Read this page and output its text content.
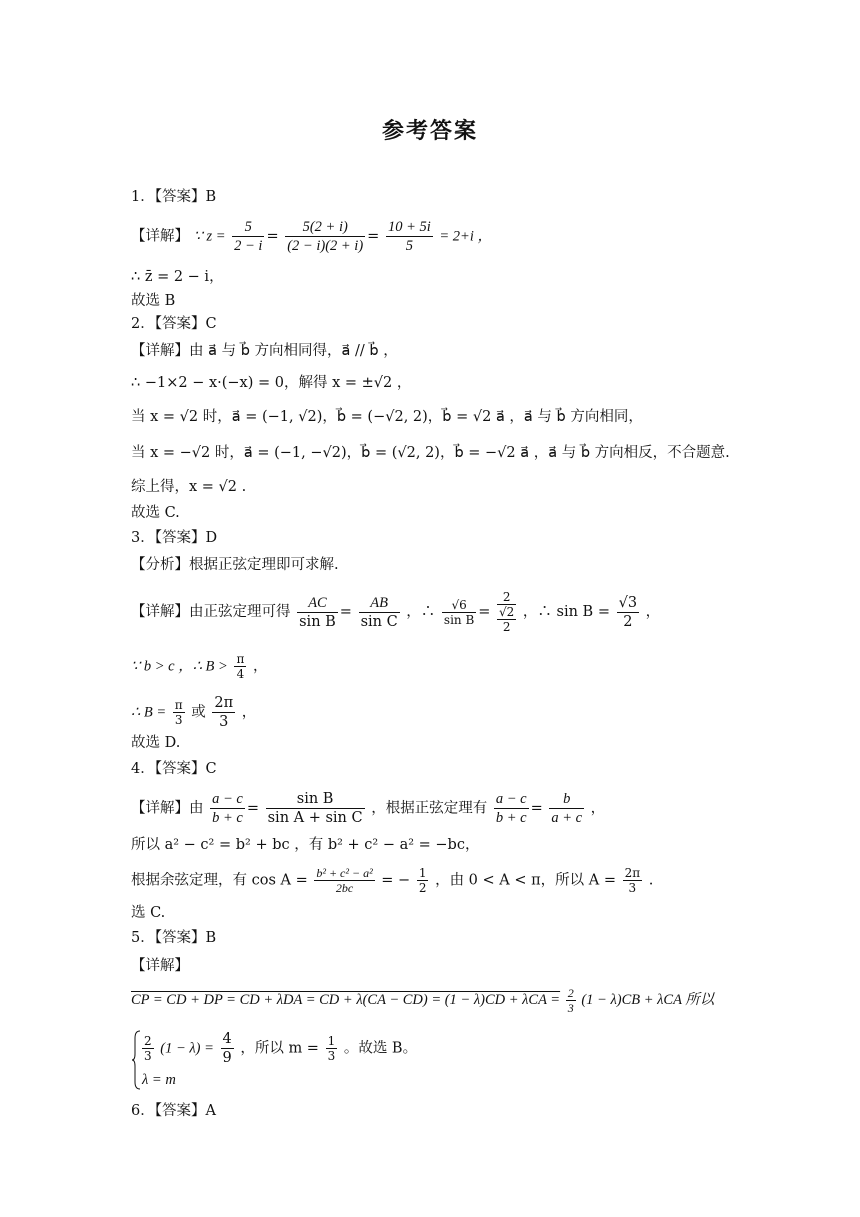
参考答案
1．【答案】B
【详解】 ∵ $z = \frac{5}{2 - i} = \frac{5(2 + i)}{(2 - i)(2 + i)} = \frac{10 + 5i}{5} = 2+i$ ，
∴ z̄ = 2 − i，
故选 B
2．【答案】C
【详解】由 a⃗ 与 b⃗ 方向相同得，a⃗ // b⃗ ，
∴ −1×2 − x·(−x) = 0，解得 x = ±√2 ，
当 x = √2 时，a⃗ = (−1, √2)，b⃗ = (−√2, 2)，b⃗ = √2 a⃗ ，a⃗ 与 b⃗ 方向相同，
当 x = −√2 时，a⃗ = (−1, −√2)，b⃗ = (√2, 2)，b⃗ = −√2 a⃗ ，a⃗ 与 b⃗ 方向相反，不合题意.
综上得，x = √2 .
故选 C.
3．【答案】D
【分析】根据正弦定理即可求解.
【详解】由正弦定理可得 $\frac{AC}{\text{sin B}} = \frac{AB}{\text{sin C}}$ ，∴ $\frac{√6}{\text{sin B}}$ =
2
√2
2
，∴ $\sin B = \frac{√3}{2}$ ，
∵ b > c ，∴ $B > \frac{\pi}{4}$ ，
∴ $B = \frac{\pi}{3}$ 或 $\frac{2\pi}{3}$ ，
故选 D.
4．【答案】C
【详解】由 $\frac{a - c}{b + c} = \frac{\text{sin B}}{\text{sin A + sin C}}$ ，根据正弦定理有 $\frac{a - c}{b + c} = \frac{b}{a + c}$ ，
所以 a² − c² = b² + bc ，有 b² + c² − a² = −bc，
根据余弦定理，有 $\cos A = \frac{\text{b² + c² − a²}}{2bc}$ = − $\frac{1}{2}$ ，由 0 < A < π，所以 $A = \frac{2\pi}{3}$ .
选 C.
5．【答案】B
【详解】
CP = CD + DP = CD + λDA = CD + $\lambda(CA - CD) = (1 - \lambda)CD + \lambda CA = \frac{2}{3} (1 - \lambda)CB + \lambda CA$ 所以
$\frac{2}{3} (1 - \lambda) = \frac{4}{9}$ ，所以 $m = \frac{1}{3}$ 。故选 B。
λ = m
6．【答案】A
